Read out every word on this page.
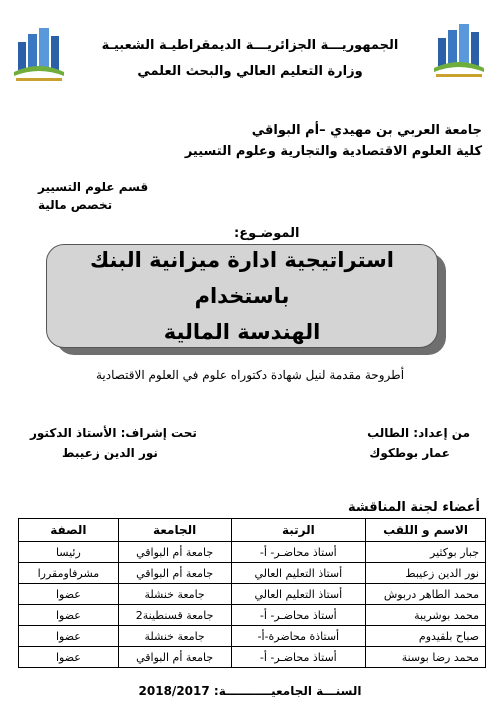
الجمهوريـــة الجزائريـــة الديمقراطيـة الشعبيـة
وزارة التعليم العالي والبحث العلمي
جامعة العربي بن مهيدي –أم البواقي
كلية العلوم الاقتصادية والتجارية وعلوم التسيير
قسم علوم التسيير
تخصص مالية
الموضـوع:
استراتيجية ادارة ميزانية البنك باستخدام
الهندسة المالية
أطروحة مقدمة لنيل شهادة دكتوراه علوم في العلوم الاقتصادية
من إعداد: الطالب
عمار بوطكوك
تحت إشراف: الأستاذ الدكتور
نور الدين زعيبط
أعضاء لجنة المناقشة
الاسم و اللقب	الرتبة	الجامعة	الصفة
جبار بوكثير	أستاذ محاضـر- أ-	جامعة أم البواقي	رئيسا
نور الدين زعيبط	أستاذ التعليم العالي	جامعة أم البواقي	مشرفاومقررا
محمد الطاهر دربوش	أستاذ التعليم العالي	جامعة خنشلة	عضوا
محمد بوشريبة	أستاذ محاضـر- أ-	جامعة قسنطينة2	عضوا
صباح بلقيدوم	أستاذة محاضرة-أ-	جامعة خنشلة	عضوا
محمد رضا بوسنة	أستاذ محاضـر- أ-	جامعة أم البواقي	عضوا
السنـــة الجامعيـــــــــــة: 2018/2017
